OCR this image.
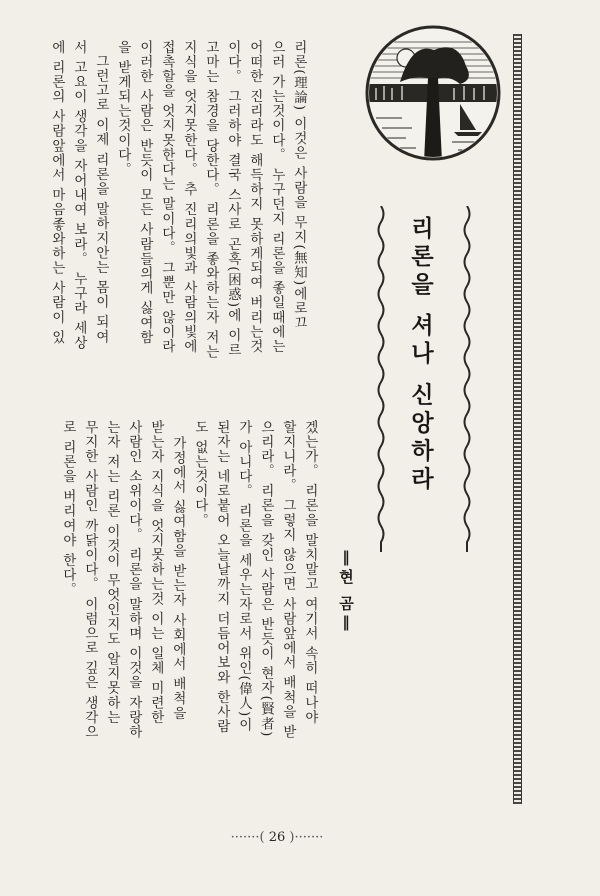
리론을 셔나 신앙하라
‖현 곰‖
리론(理論) 이것은 사람을 무지(無知)에로끄
으러 가는것이다。 누구던지 리론을 좋일때에는
어떠한 진리라도 해득하지 못하게되여 버리는것
이다。 그러하야 결국 스사로 곤혹(困惑)에 이르
고마는 참경을 당한다。 리론을 좋와하는자 저는
지식을 엇지못한다。 추 진리의빛과 사람의빛에
접촉할을 엇지못한다는 말이다。 그뿐만 않이라
이러한 사람은 반듯이 모든 사람들의게 싫여함
을 받게되는것이다。
그런고로 이제 리론을 말하지안는 몸이 되여
서 고요이 생각을 자어내여 보라。 누구라 세상
에 리론의 사람앞에서 마음좋와하는 사람이 있
겠는가。 리론을 말치말고 여기서 속히 떠나야
할지니라。 그렇지 않으면 사람앞에서 배척을 받
으리라。 리론을 갖인 사람은 반듯이 현자(賢者)
가 아니다。 리론을 세우는자로서 위인(偉人)이
된자는 네로붙어 오늘날까지 더듬어보와 한사람
도 없는것이다。
가정에서 싫여함을 받는자 사회에서 배척을
받는자 지식을 엇지못하는것 이는 일체 미련한
사람인 소위이다。 리론을 말하며 이것을 자랑하
는자 저는 리론 이것이 무엇인지도 알지못하는
무지한 사람인 까닭이다。 이럼으로 깊은 생각으
로 리론을 버리여야 한다。
·······( 26 )·······
